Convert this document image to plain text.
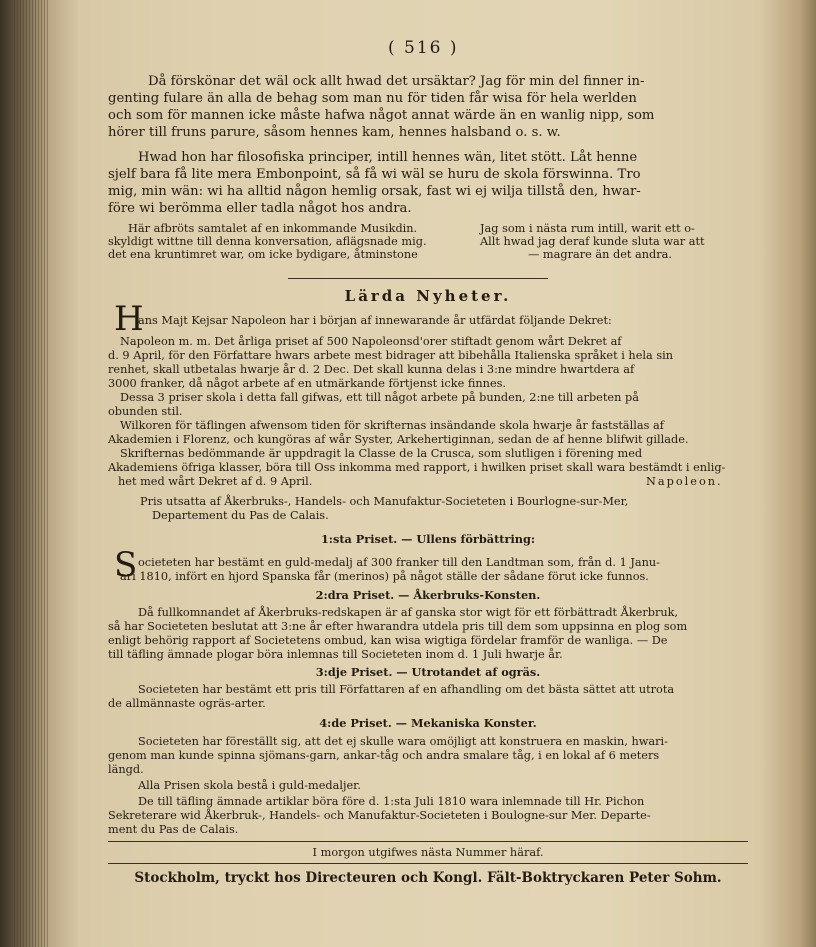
( 516 )
Då förskönar det wäl ock allt hwad det ursäktar? Jag för min del finner in-
genting fulare än alla de behag som man nu för tiden får wisa för hela werlden
och som för mannen icke måste hafwa något annat wärde än en wanlig nipp, som
hörer till fruns parure, såsom hennes kam, hennes halsband o. s. w.
Hwad hon har filosofiska principer, intill hennes wän, litet stött. Låt henne
sjelf bara få lite mera Embonpoint, så få wi wäl se huru de skola förswinna. Tro
mig, min wän: wi ha alltid någon hemlig orsak, fast wi ej wilja tillstå den, hwar-
före wi berömma eller tadla något hos andra.
Här afbröts samtalet af en inkommande Musikdin.
skyldigt wittne till denna konversation, aflägsnade mig.
det ena kruntimret war, om icke bydigare, åtminstone
Jag som i nästa rum intill, warit ett o-
Allt hwad jag deraf kunde sluta war att
— magrare än det andra.
Lärda Nyheter.
H
ans Majt Kejsar Napoleon har i början af innewarande år utfärdat följande Dekret:
Napoleon m. m. Det årliga priset af 500 Napoleonsd'orer stiftadt genom wårt Dekret af
d. 9 April, för den Författare hwars arbete mest bidrager att bibehålla Italienska språket i hela sin
renhet, skall utbetalas hwarje år d. 2 Dec. Det skall kunna delas i 3:ne mindre hwartdera af
3000 franker, då något arbete af en utmärkande förtjenst icke finnes.
Dessa 3 priser skola i detta fall gifwas, ett till något arbete på bunden, 2:ne till arbeten på
obunden stil.
Wilkoren för täflingen afwensom tiden för skrifternas insändande skola hwarje år fastställas af
Akademien i Florenz, och kungöras af wår Syster, Arkehertiginnan, sedan de af henne blifwit gillade.
Skrifternas bedömmande är uppdragit la Classe de la Crusca, som slutligen i förening med
Akademiens öfriga klasser, böra till Oss inkomma med rapport, i hwilken priset skall wara bestämdt i enlig-
het med wårt Dekret af d. 9 April.	Napoleon.
Pris utsatta af Åkerbruks-, Handels- och Manufaktur-Societeten i Bourlogne-sur-Mer,
Departement du Pas de Calais.
1:sta Priset. — Ullens förbättring:
S ocieteten har bestämt en guld-medalj af 300 franker till den Landtman som, från d. 1 Janu-
ari 1810, infört en hjord Spanska får (merinos) på något ställe der sådane förut icke funnos.
2:dra Priset. — Åkerbruks-Konsten.
Då fullkomnandet af Åkerbruks-redskapen är af ganska stor wigt för ett förbättradt Åkerbruk,
så har Societeten beslutat att 3:ne år efter hwarandra utdela pris till dem som uppsinna en plog som
enligt behörig rapport af Societetens ombud, kan wisa wigtiga fördelar framför de wanliga. — De
till täfling ämnade plogar böra inlemnas till Societeten inom d. 1 Juli hwarje år.
3:dje Priset. — Utrotandet af ogräs.
Societeten har bestämt ett pris till Författaren af en afhandling om det bästa sättet att utrota
de allmännaste ogräs-arter.
4:de Priset. — Mekaniska Konster.
Societeten har föreställt sig, att det ej skulle wara omöjligt att konstruera en maskin, hwari-
genom man kunde spinna sjömans-garn, ankar-tåg och andra smalare tåg, i en lokal af 6 meters
längd.
Alla Prisen skola bestå i guld-medaljer.
De till täfling ämnade artiklar böra före d. 1:sta Juli 1810 wara inlemnade till Hr. Pichon
Sekreterare wid Åkerbruk-, Handels- och Manufaktur-Societeten i Boulogne-sur Mer. Departe-
ment du Pas de Calais.
I morgon utgifwes nästa Nummer häraf.
Stockholm, tryckt hos Directeuren och Kongl. Fält-Boktryckaren Peter Sohm.
